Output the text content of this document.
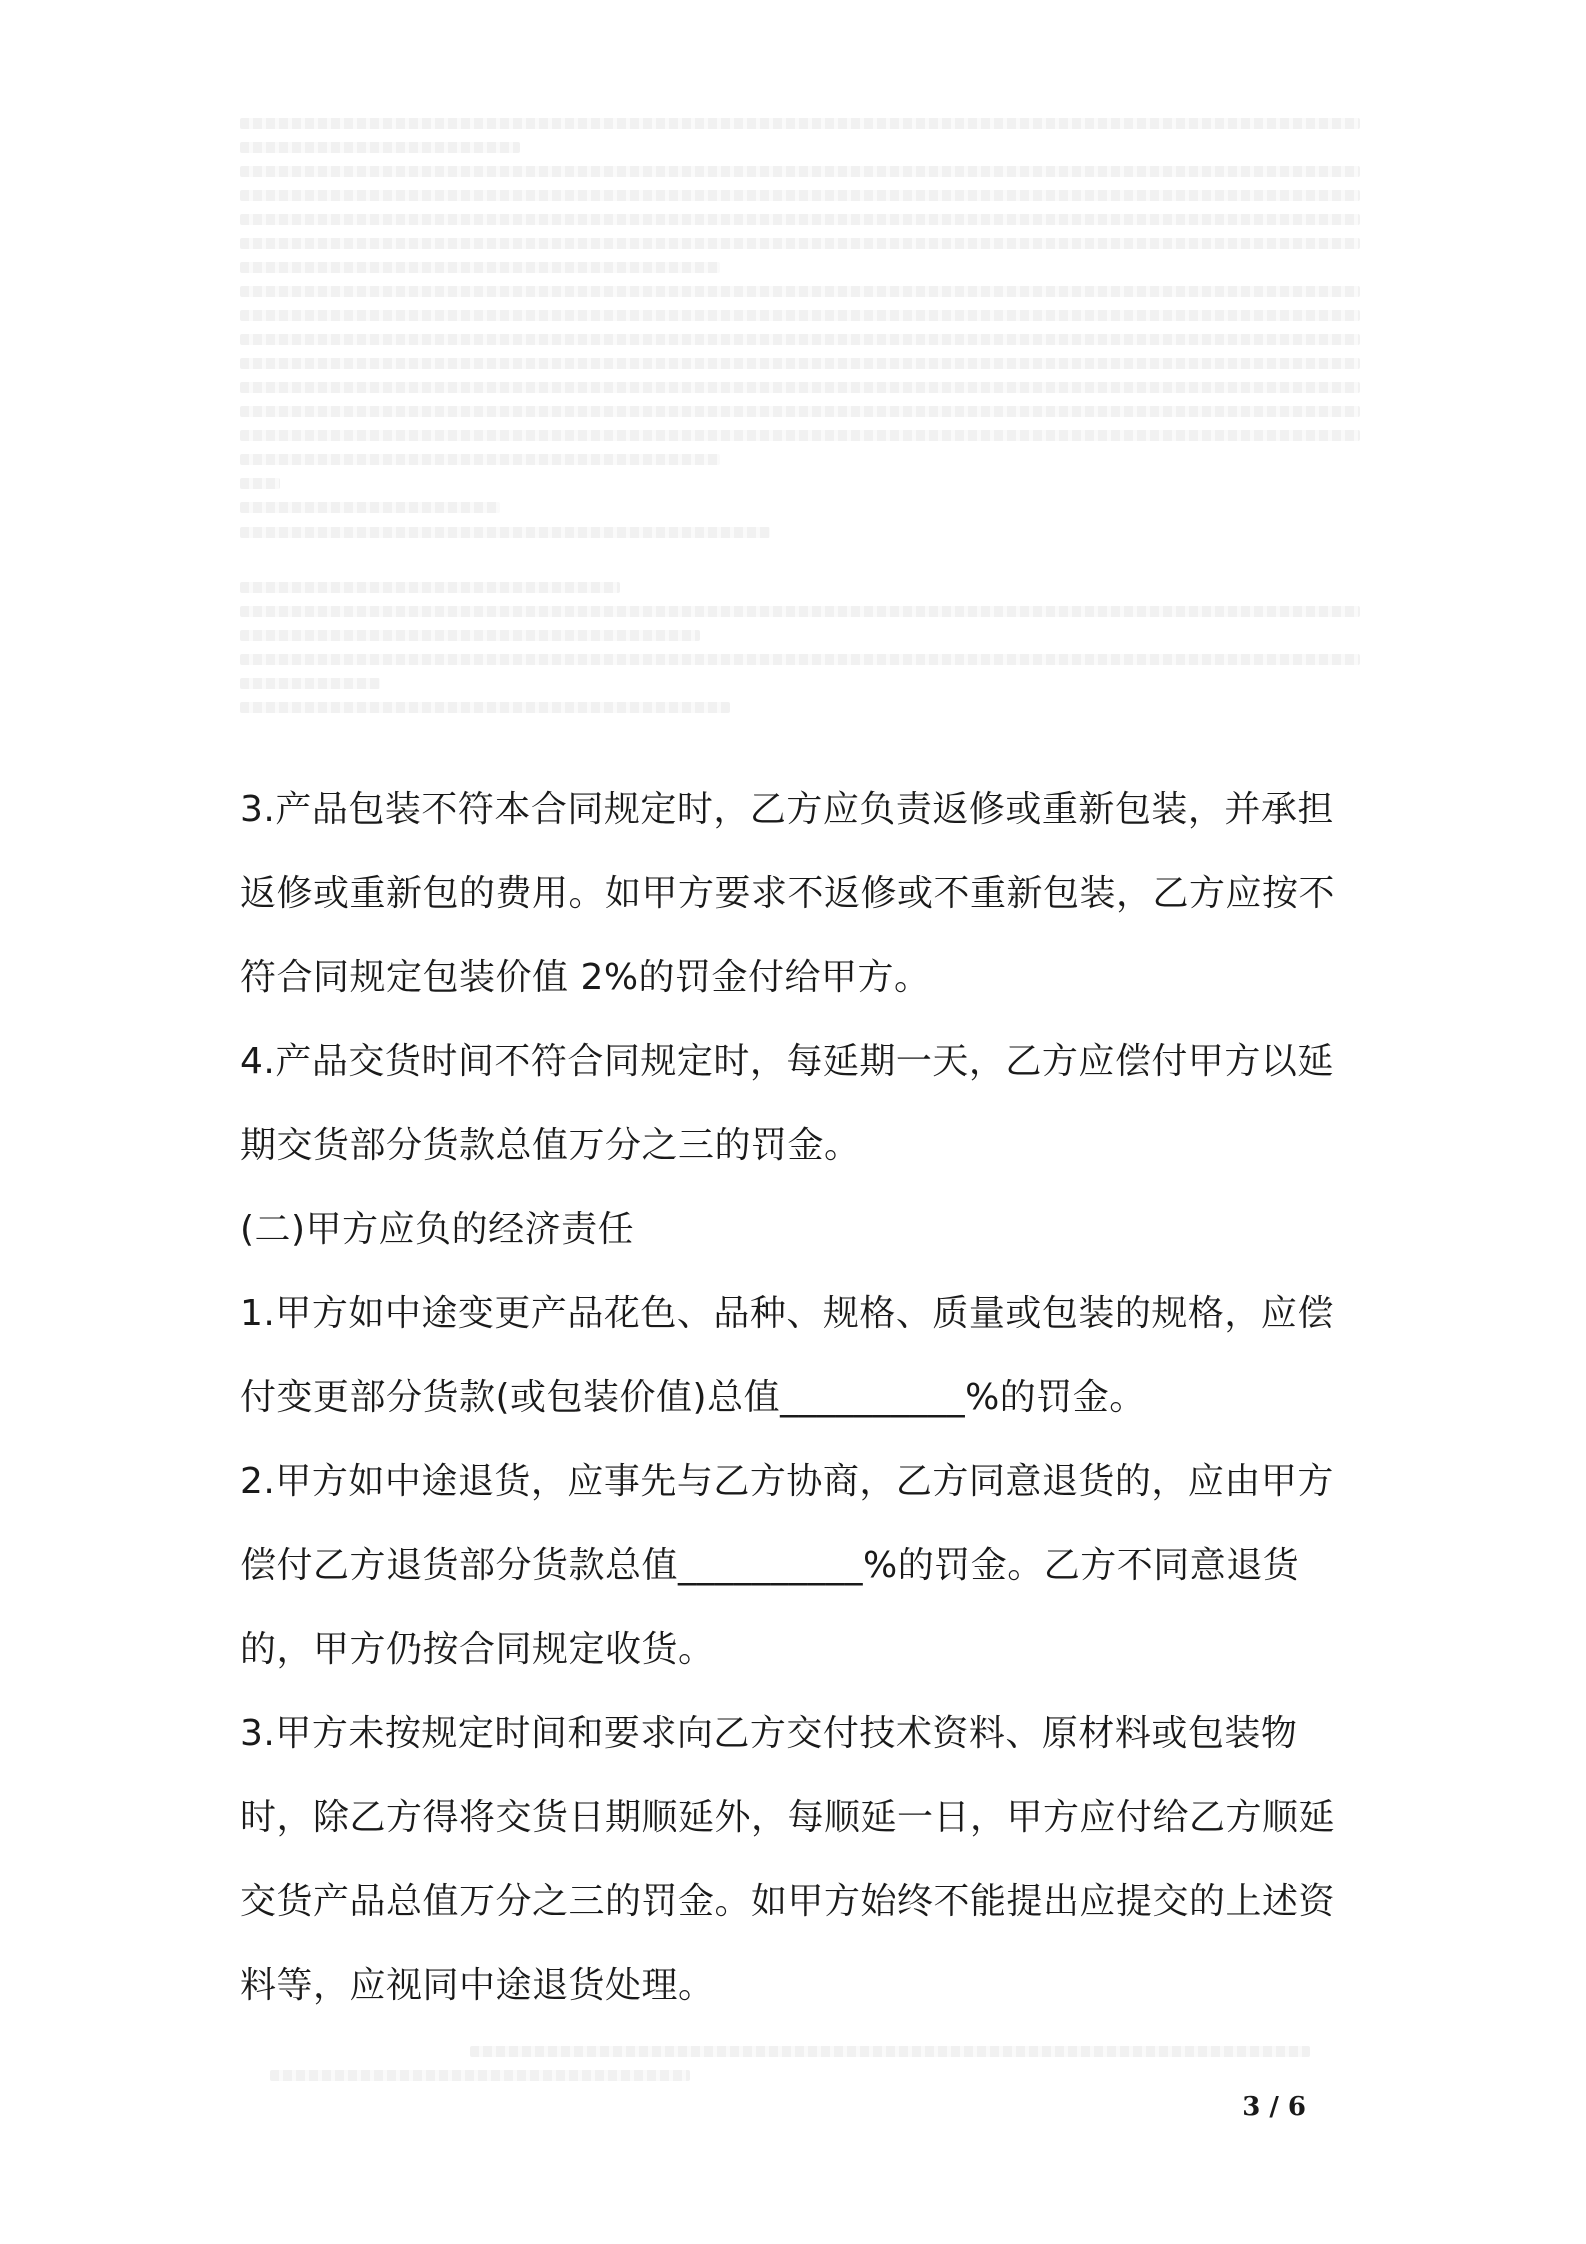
3.产品包装不符本合同规定时，乙方应负责返修或重新包装，并承担返修或重新包的费用。如甲方要求不返修或不重新包装，乙方应按不符合同规定包装价值 2%的罚金付给甲方。

4.产品交货时间不符合同规定时，每延期一天，乙方应偿付甲方以延期交货部分货款总值万分之三的罚金。

(二)甲方应负的经济责任

1.甲方如中途变更产品花色、品种、规格、质量或包装的规格，应偿付变更部分货款(或包装价值)总值__________%的罚金。

2.甲方如中途退货，应事先与乙方协商，乙方同意退货的，应由甲方偿付乙方退货部分货款总值__________%的罚金。乙方不同意退货的，甲方仍按合同规定收货。

3.甲方未按规定时间和要求向乙方交付技术资料、原材料或包装物时，除乙方得将交货日期顺延外，每顺延一日，甲方应付给乙方顺延交货产品总值万分之三的罚金。如甲方始终不能提出应提交的上述资料等，应视同中途退货处理。

3 / 6
